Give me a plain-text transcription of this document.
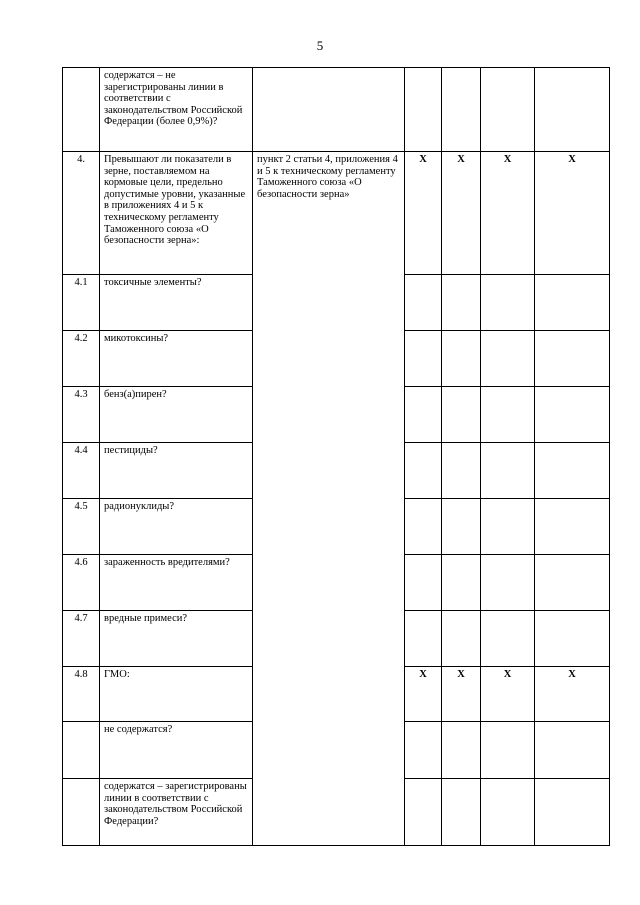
5
	содержатся – не зарегистрированы линии в соответствии с законодательством Российской Федерации (более 0,9%)?					
4.	Превышают ли показатели в зерне, поставляемом на кормовые цели, предельно допустимые уровни, указанные в приложениях 4 и 5 к техническому регламенту Таможенного союза «О безопасности зерна»:	пункт 2 статьи 4, приложения 4 и 5 к техническому регламенту Таможенного союза «О безопасности зерна»	X	X	X	X
4.1	токсичные элементы?					
4.2	микотоксины?					
4.3	бенз(а)пирен?					
4.4	пестициды?					
4.5	радионуклиды?					
4.6	зараженность вредителями?					
4.7	вредные примеси?					
4.8	ГМО:		X	X	X	X
	не содержатся?					
	содержатся – зарегистрированы линии в соответствии с законодательством Российской Федерации?					
